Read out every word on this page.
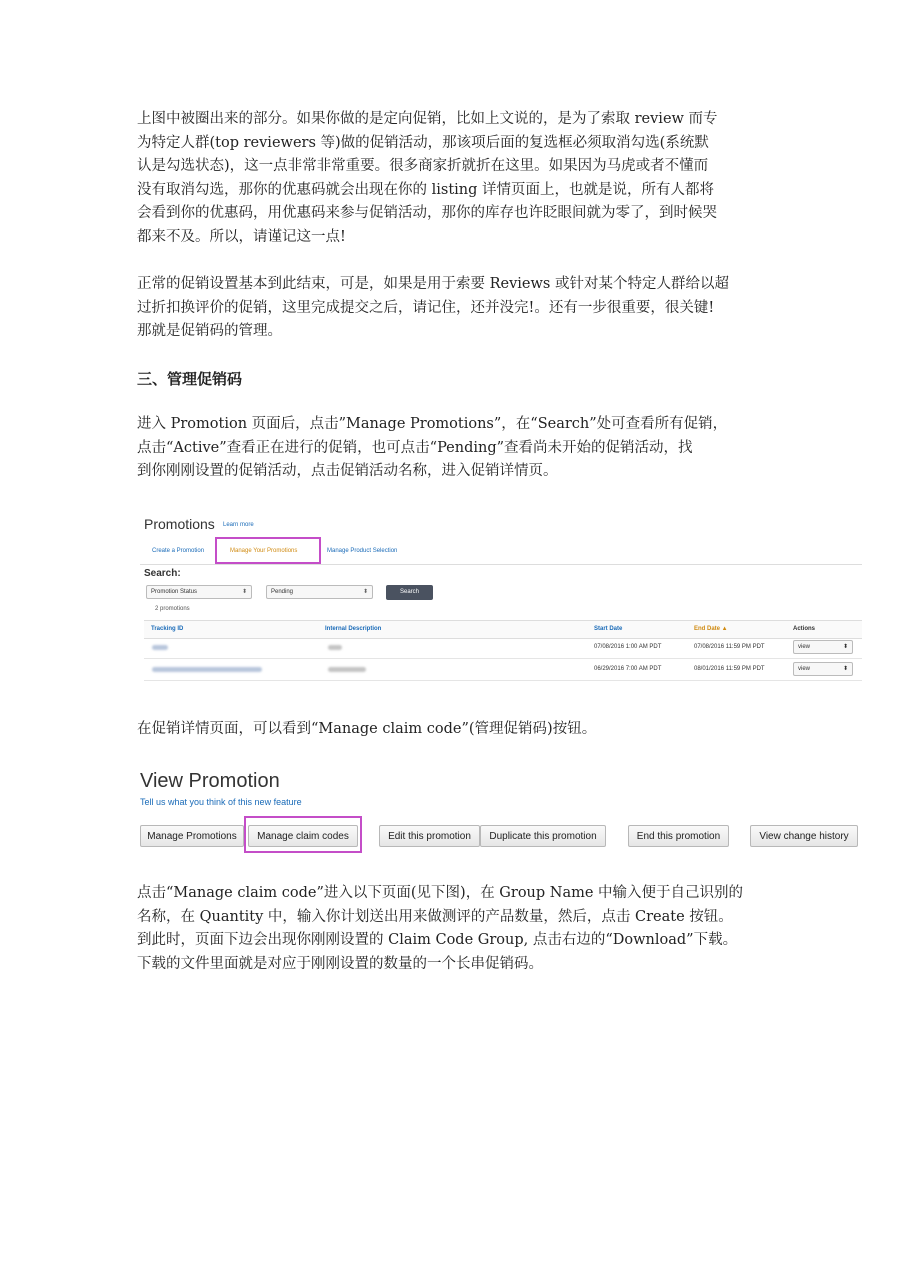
上图中被圈出来的部分。如果你做的是定向促销，比如上文说的，是为了索取 review 而专
为特定人群(top reviewers 等)做的促销活动，那该项后面的复选框必须取消勾选(系统默
认是勾选状态)，这一点非常非常重要。很多商家折就折在这里。如果因为马虎或者不懂而
没有取消勾选，那你的优惠码就会出现在你的 listing 详情页面上，也就是说，所有人都将
会看到你的优惠码，用优惠码来参与促销活动，那你的库存也许眨眼间就为零了，到时候哭
都来不及。所以，请谨记这一点!
正常的促销设置基本到此结束，可是，如果是用于索要 Reviews 或针对某个特定人群给以超
过折扣换评价的促销，这里完成提交之后，请记住，还并没完!。还有一步很重要，很关键!
那就是促销码的管理。
三、管理促销码
进入 Promotion 页面后，点击”Manage Promotions”，在“Search”处可查看所有促销，
点击“Active”查看正在进行的促销，也可点击“Pending”查看尚未开始的促销活动，找
到你刚刚设置的促销活动，点击促销活动名称，进入促销详情页。
Promotions Learn more
Create a Promotion	Manage Your Promotions	Manage Product Selection
Search:
Promotion Status	⬍	Pending	⬍	Search
2 promotions
Tracking ID	Internal Description	Start Date	End Date ▲	Actions
07/08/2016 1:00 AM PDT	07/08/2016 11:59 PM PDT	view	⬍
06/29/2016 7:00 AM PDT	08/01/2016 11:59 PM PDT	view	⬍
在促销详情页面，可以看到“Manage claim code”(管理促销码)按钮。
View Promotion
Tell us what you think of this new feature
Manage Promotions	Manage claim codes	Edit this promotion	Duplicate this promotion	End this promotion	View change history
点击“Manage claim code”进入以下页面(见下图)，在 Group Name 中输入便于自己识别的
名称，在 Quantity 中，输入你计划送出用来做测评的产品数量，然后，点击 Create 按钮。
到此时，页面下边会出现你刚刚设置的 Claim Code Group, 点击右边的“Download”下载。
下载的文件里面就是对应于刚刚设置的数量的一个长串促销码。
